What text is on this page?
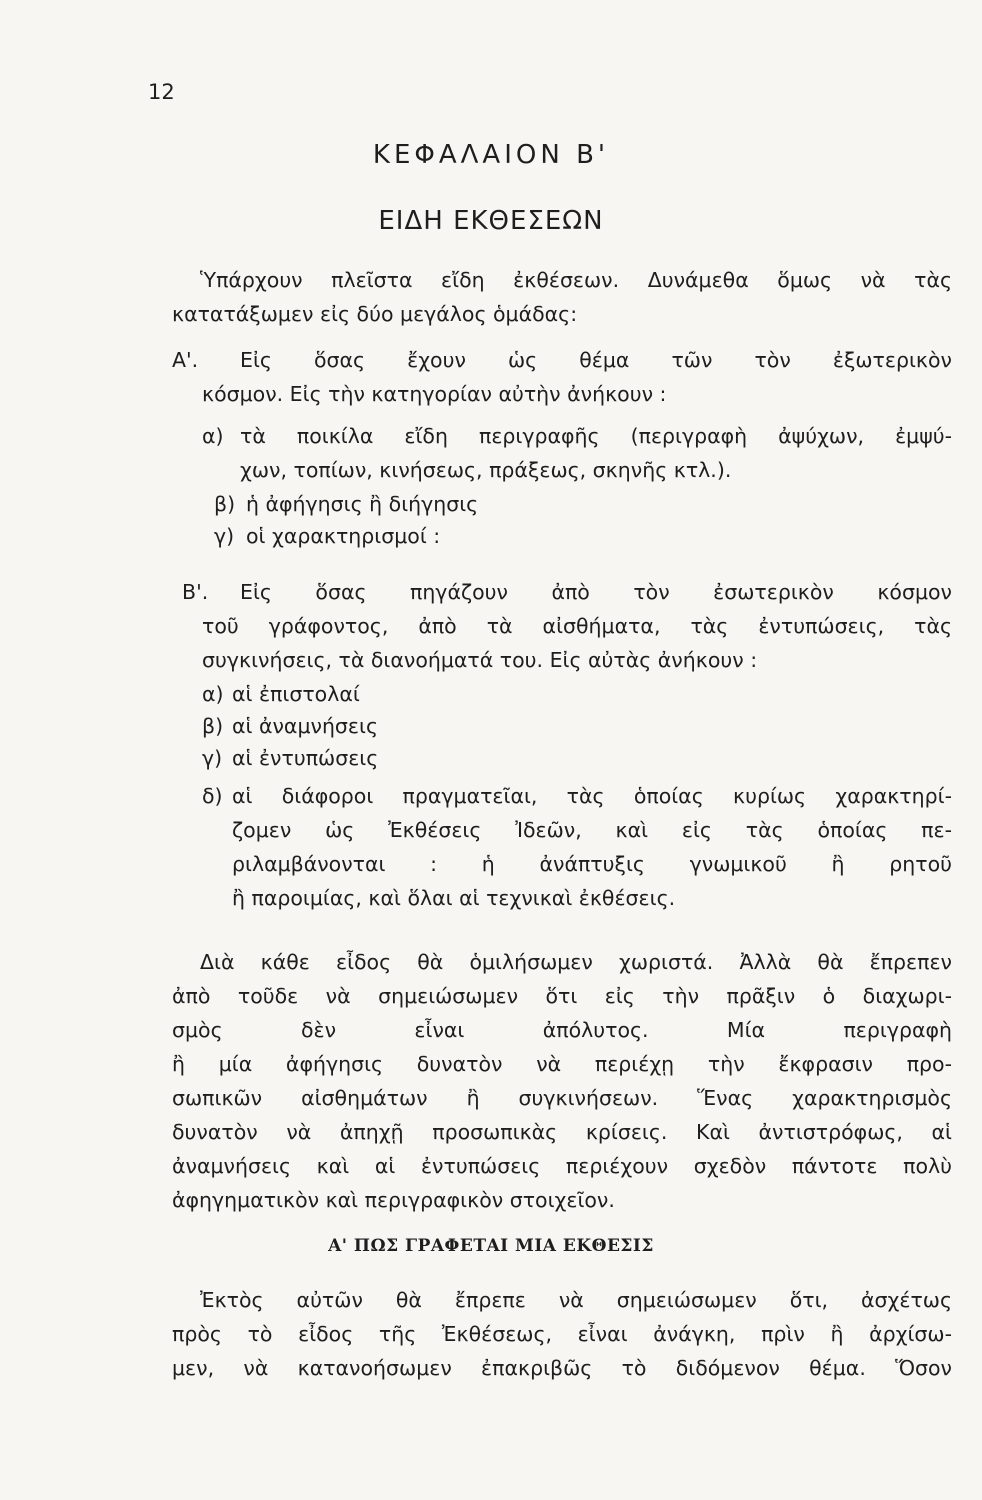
12
ΚΕΦΑΛΑΙΟΝ Β'
ΕΙΔΗ ΕΚΘΕΣΕΩΝ
Ὑπάρχουν πλεῖστα εἴδη ἐκθέσεων. Δυνάμεθα ὅμως νὰ τὰς
κατατάξωμεν εἰς δύο μεγάλος ὁμάδας:
Α'. Εἰς ὅσας ἔχουν ὡς θέμα τῶν τὸν ἐξωτερικὸν
κόσμον. Εἰς τὴν κατηγορίαν αὐτὴν ἀνήκουν :
α) τὰ ποικίλα εἴδη περιγραφῆς (περιγραφὴ ἀψύχων, ἐμψύ-
χων, τοπίων, κινήσεως, πράξεως, σκηνῆς κτλ.).
β) ἡ ἀφήγησις ἢ διήγησις
γ) οἱ χαρακτηρισμοί :
Β'. Εἰς ὅσας πηγάζουν ἀπὸ τὸν ἐσωτερικὸν κόσμον
τοῦ γράφοντος, ἀπὸ τὰ αἰσθήματα, τὰς ἐντυπώσεις, τὰς
συγκινήσεις, τὰ διανοήματά του. Εἰς αὐτὰς ἀνήκουν :
α) αἱ ἐπιστολαί
β) αἱ ἀναμνήσεις
γ) αἱ ἐντυπώσεις
δ) αἱ διάφοροι πραγματεῖαι, τὰς ὁποίας κυρίως χαρακτηρί-
ζομεν ὡς Ἐκθέσεις Ἰδεῶν, καὶ εἰς τὰς ὁποίας πε-
ριλαμβάνονται : ἡ ἀνάπτυξις γνωμικοῦ ἢ ρητοῦ
ἢ παροιμίας, καὶ ὅλαι αἱ τεχνικαὶ ἐκθέσεις.
Διὰ κάθε εἶδος θὰ ὁμιλήσωμεν χωριστά. Ἀλλὰ θὰ ἔπρεπεν
ἀπὸ τοῦδε νὰ σημειώσωμεν ὅτι εἰς τὴν πρᾶξιν ὁ διαχωρι-
σμὸς δὲν εἶναι ἀπόλυτος. Μία περιγραφὴ
ἢ μία ἀφήγησις δυνατὸν νὰ περιέχῃ τὴν ἔκφρασιν προ-
σωπικῶν αἰσθημάτων ἢ συγκινήσεων. Ἕνας χαρακτηρισμὸς
δυνατὸν νὰ ἀπηχῇ προσωπικὰς κρίσεις. Καὶ ἀντιστρόφως, αἱ
ἀναμνήσεις καὶ αἱ ἐντυπώσεις περιέχουν σχεδὸν πάντοτε πολὺ
ἀφηγηματικὸν καὶ περιγραφικὸν στοιχεῖον.
Α' ΠΩΣ ΓΡΑΦΕΤΑΙ ΜΙΑ ΕΚΘΕΣΙΣ
Ἐκτὸς αὐτῶν θὰ ἔπρεπε νὰ σημειώσωμεν ὅτι, ἀσχέτως
πρὸς τὸ εἶδος τῆς Ἐκθέσεως, εἶναι ἀνάγκη, πρὶν ἢ ἀρχίσω-
μεν, νὰ κατανοήσωμεν ἐπακριβῶς τὸ διδόμενον θέμα. Ὅσον
